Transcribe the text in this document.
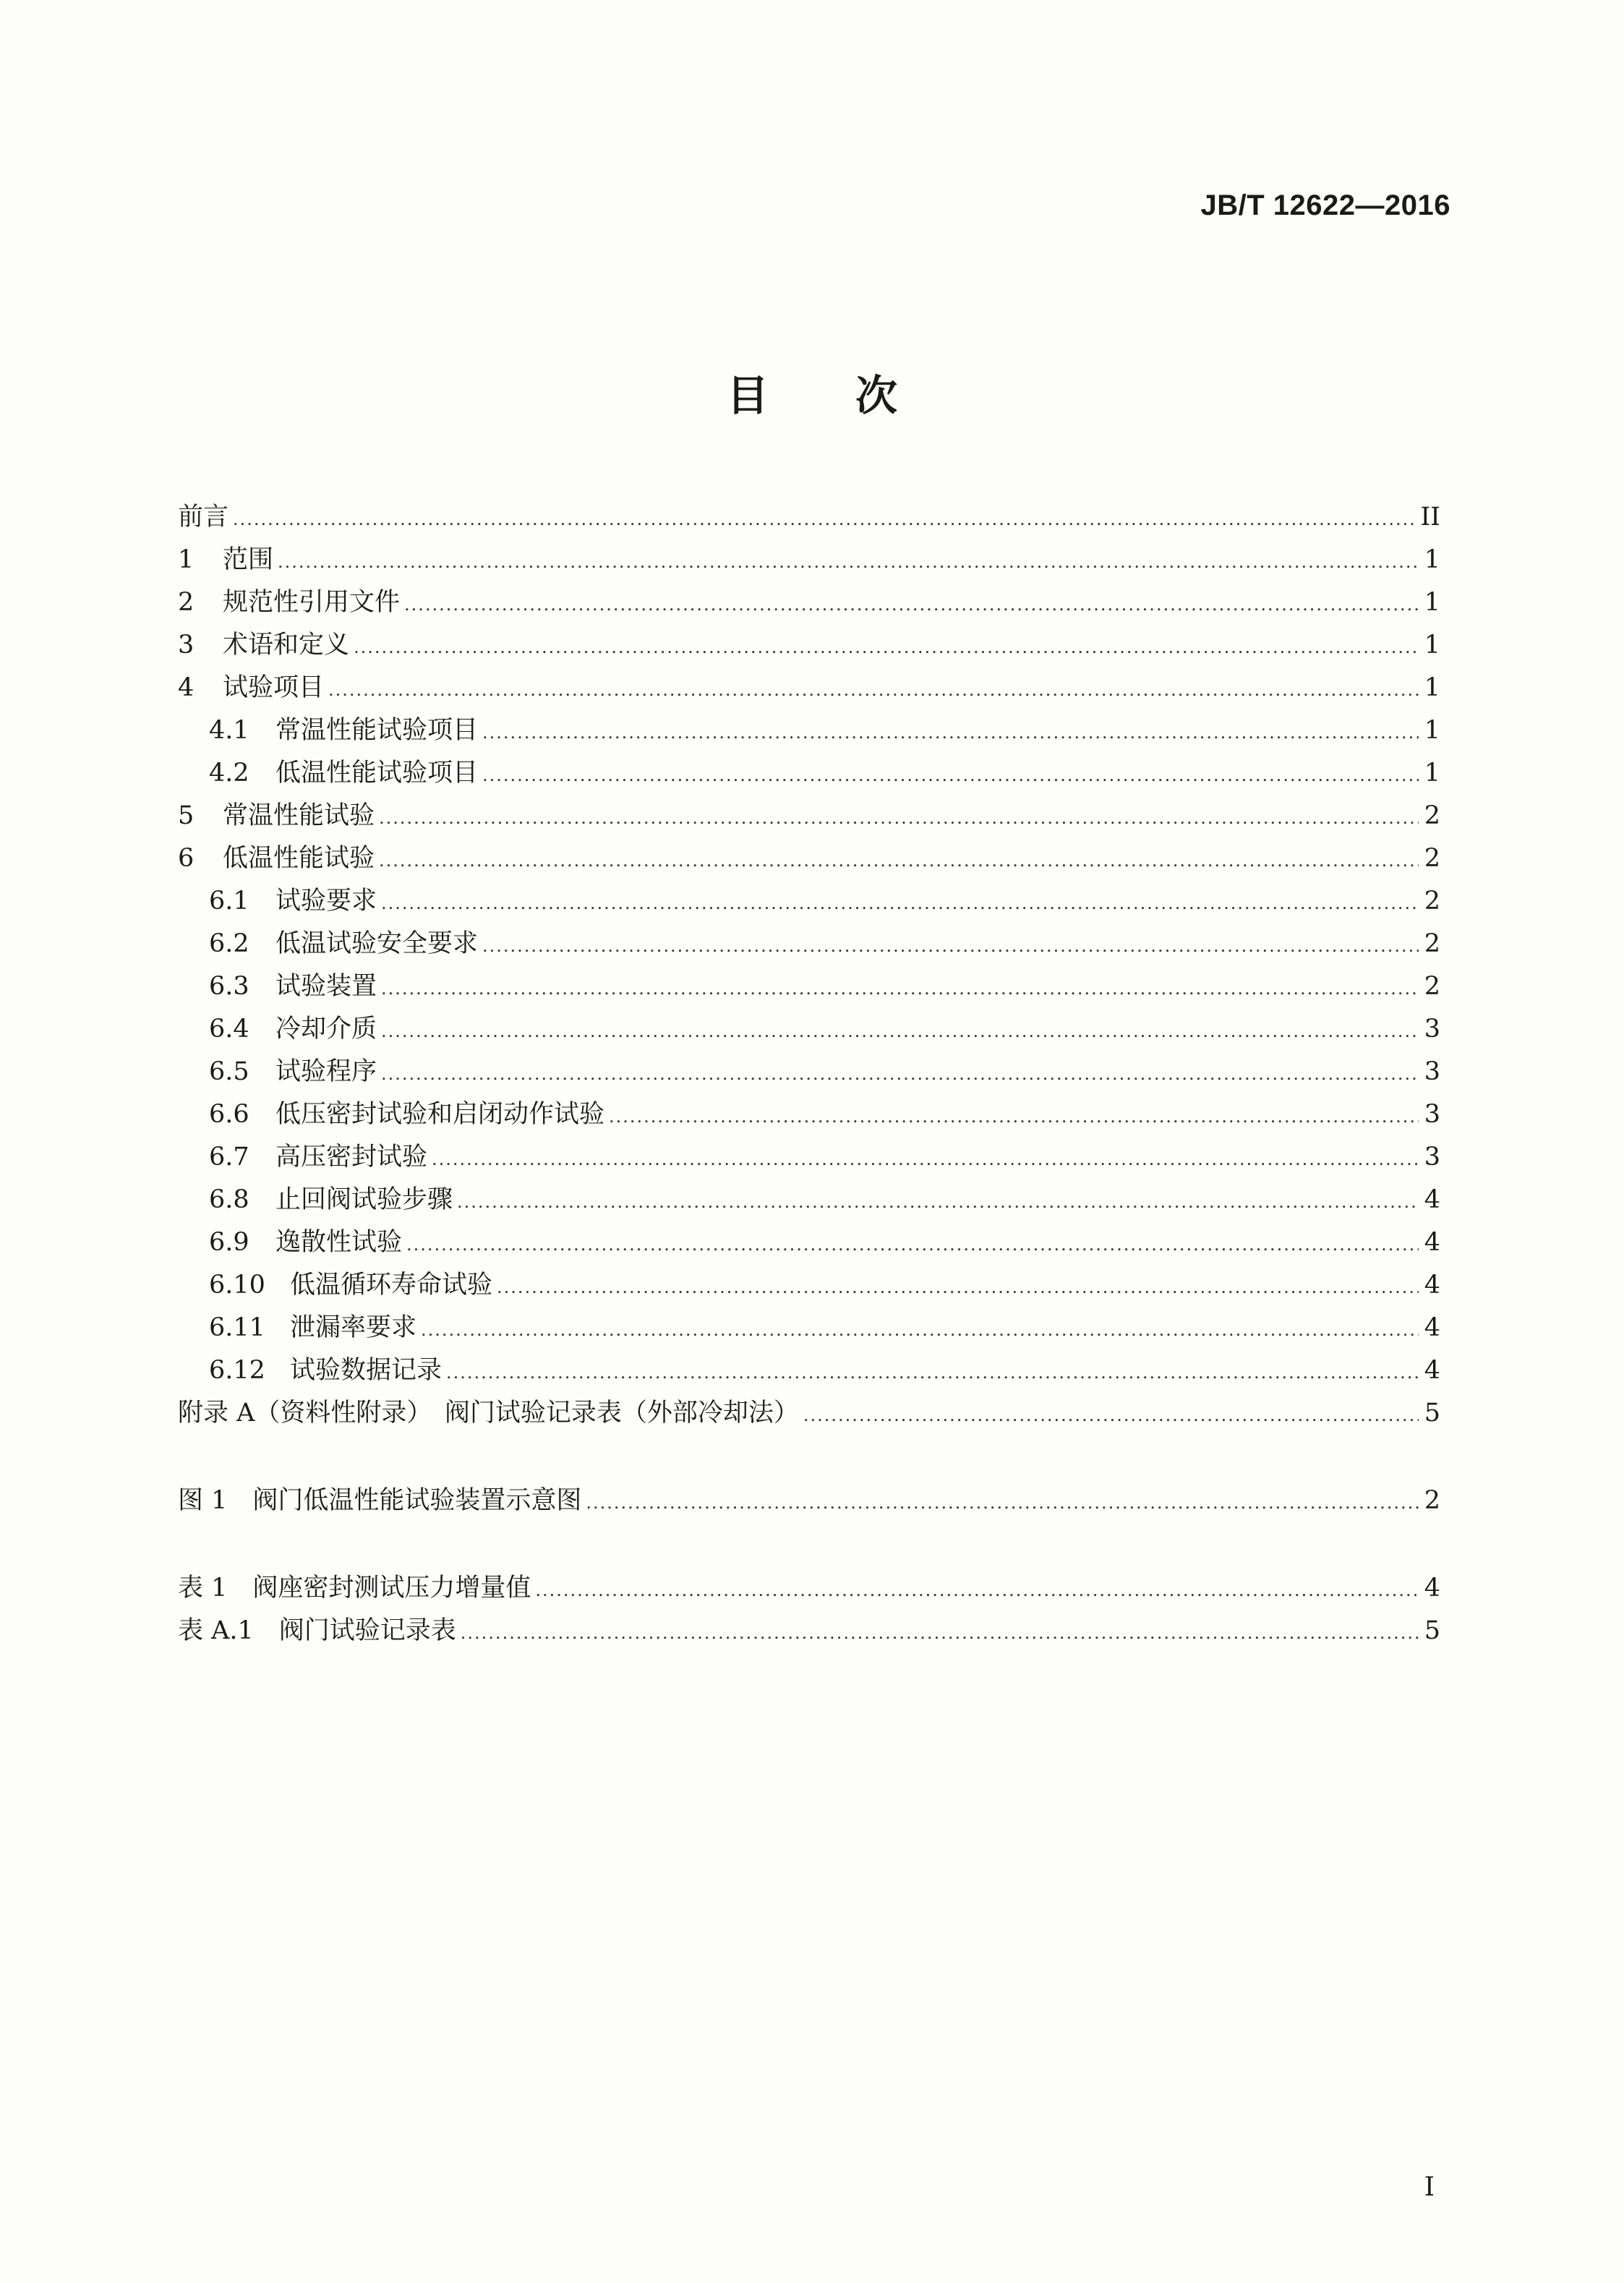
JB/T 12622—2016
目次
前言 .....	II
1	范围 .....	1
2	规范性引用文件 .....	1
3	术语和定义 .....	1
4	试验项目 .....	1
4.1	常温性能试验项目 .....	1
4.2	低温性能试验项目 .....	1
5	常温性能试验 .....	2
6	低温性能试验 .....	2
6.1	试验要求 .....	2
6.2	低温试验安全要求 .....	2
6.3	试验装置 .....	2
6.4	冷却介质 .....	3
6.5	试验程序 .....	3
6.6	低压密封试验和启闭动作试验 .....	3
6.7	高压密封试验 .....	3
6.8	止回阀试验步骤 .....	4
6.9	逸散性试验 .....	4
6.10 低温循环寿命试验 .....	4
6.11 泄漏率要求 .....	4
6.12 试验数据记录 .....	4
附录 A（资料性附录）　阀门试验记录表（外部冷却法） .....	5
图 1　阀门低温性能试验装置示意图 .....	2
表 1　阀座密封测试压力增量值 .....	4
表 A.1　阀门试验记录表 .....	5
I
